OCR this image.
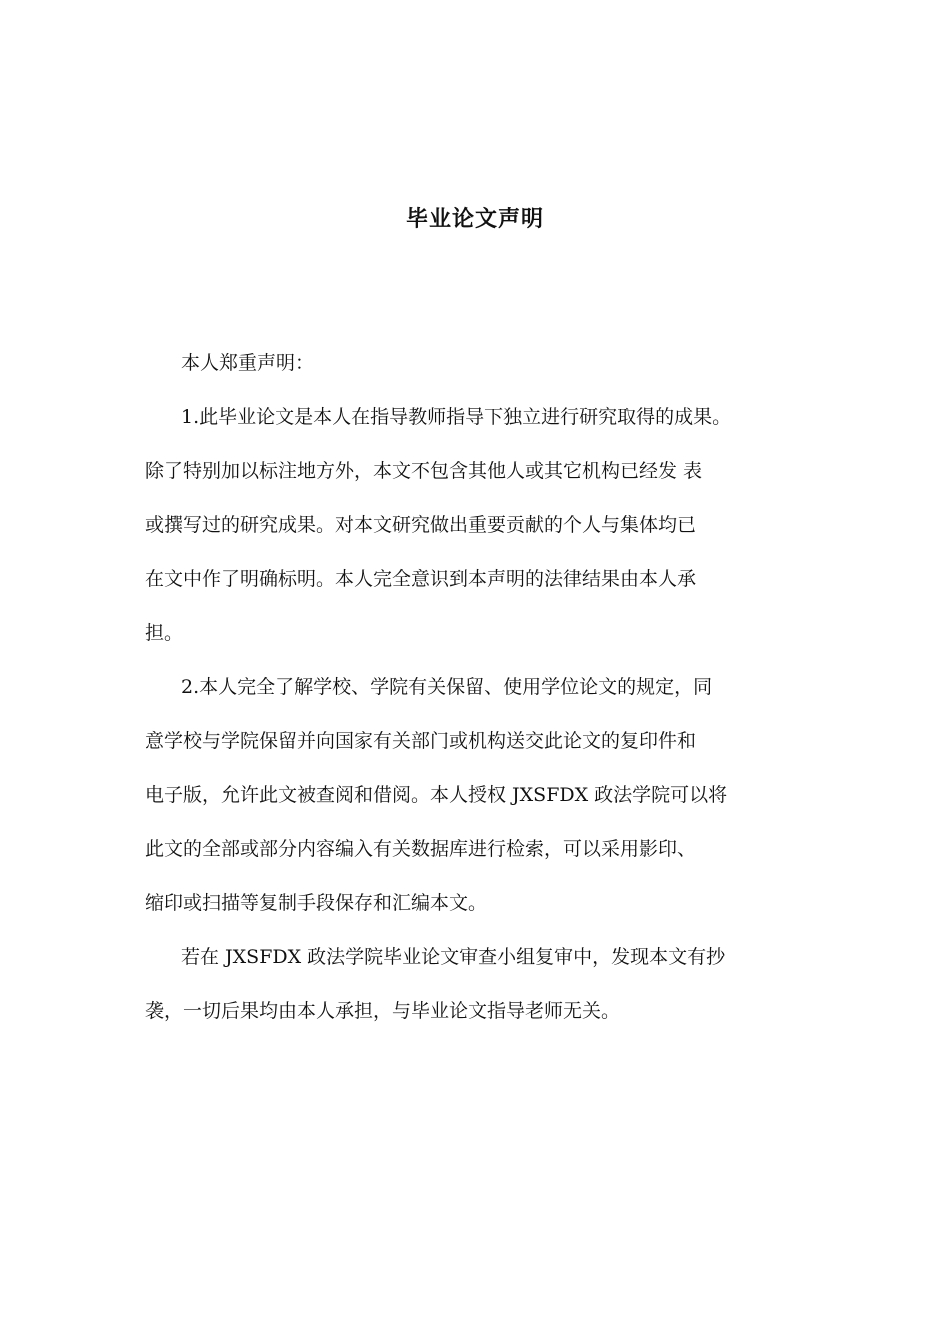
毕业论文声明
本人郑重声明：
1.此毕业论文是本人在指导教师指导下独立进行研究取得的成果。
除了特别加以标注地方外，本文不包含其他人或其它机构已经发 表
或撰写过的研究成果。对本文研究做出重要贡献的个人与集体均已
在文中作了明确标明。本人完全意识到本声明的法律结果由本人承
担。
2.本人完全了解学校、学院有关保留、使用学位论文的规定，同
意学校与学院保留并向国家有关部门或机构送交此论文的复印件和
电子版，允许此文被查阅和借阅。本人授权 JXSFDX 政法学院可以将
此文的全部或部分内容编入有关数据库进行检索，可以采用影印、
缩印或扫描等复制手段保存和汇编本文。
若在 JXSFDX 政法学院毕业论文审查小组复审中，发现本文有抄
袭，一切后果均由本人承担，与毕业论文指导老师无关。
